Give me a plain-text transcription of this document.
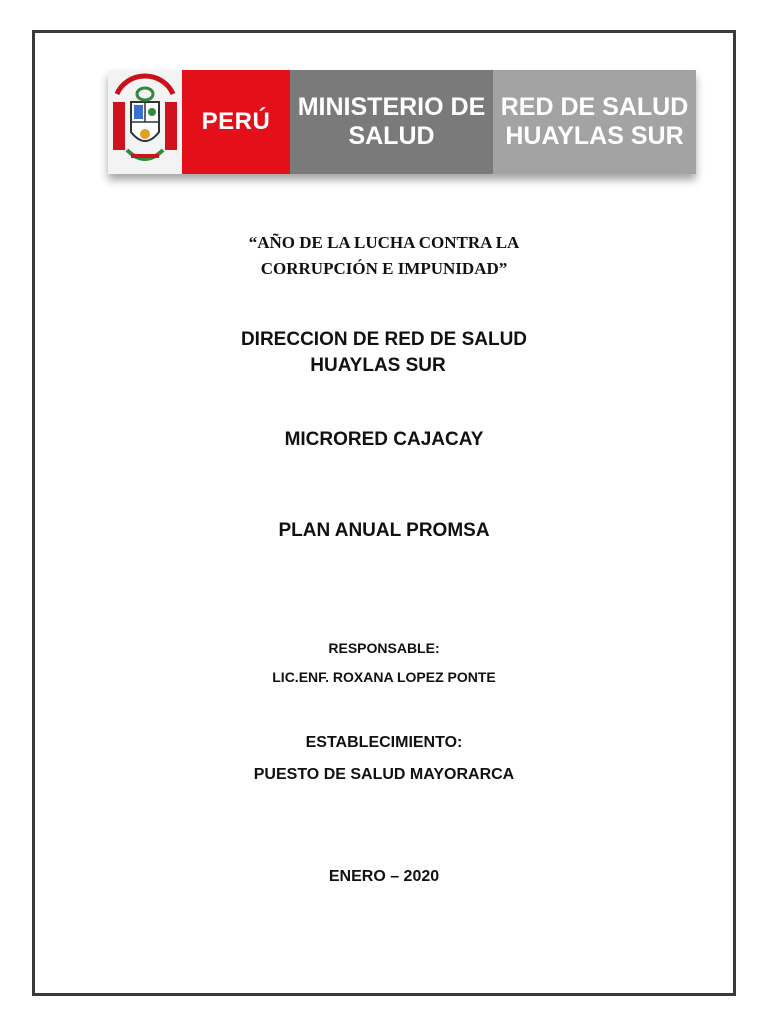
PERÚ
MINISTERIO DE
SALUD
RED DE SALUD
HUAYLAS SUR
“AÑO DE LA LUCHA CONTRA LA
CORRUPCIÓN E IMPUNIDAD”
DIRECCION DE RED DE SALUD
HUAYLAS SUR
MICRORED CAJACAY
PLAN ANUAL PROMSA
RESPONSABLE:
LIC.ENF. ROXANA LOPEZ PONTE
ESTABLECIMIENTO:
PUESTO DE SALUD MAYORARCA
ENERO – 2020
